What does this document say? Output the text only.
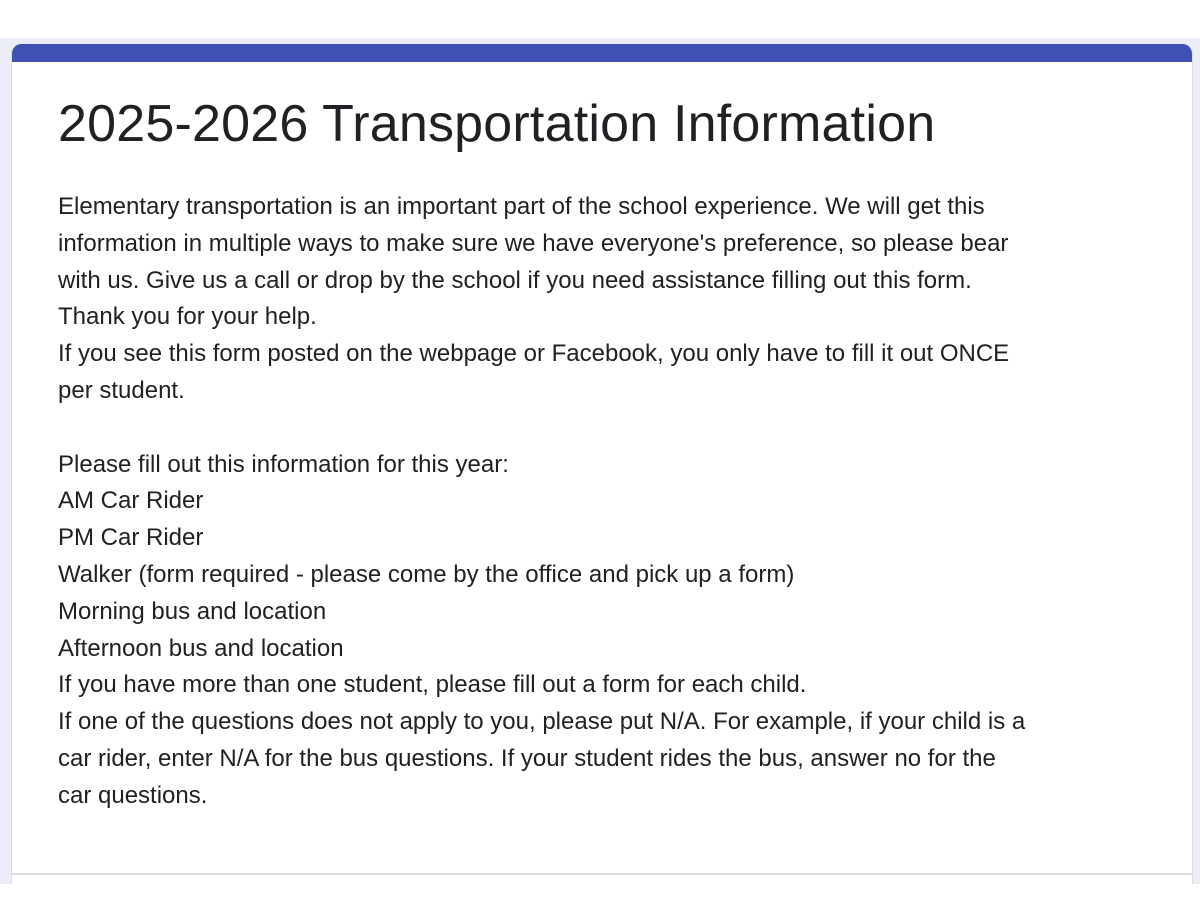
2025-2026 Transportation Information
Elementary transportation is an important part of the school experience. We will get this
information in multiple ways to make sure we have everyone's preference, so please bear
with us. Give us a call or drop by the school if you need assistance filling out this form.
Thank you for your help.
If you see this form posted on the webpage or Facebook, you only have to fill it out ONCE
per student.
Please fill out this information for this year:
AM Car Rider
PM Car Rider
Walker (form required - please come by the office and pick up a form)
Morning bus and location
Afternoon bus and location
If you have more than one student, please fill out a form for each child.
If one of the questions does not apply to you, please put N/A. For example, if your child is a
car rider, enter N/A for the bus questions. If your student rides the bus, answer no for the
car questions.
